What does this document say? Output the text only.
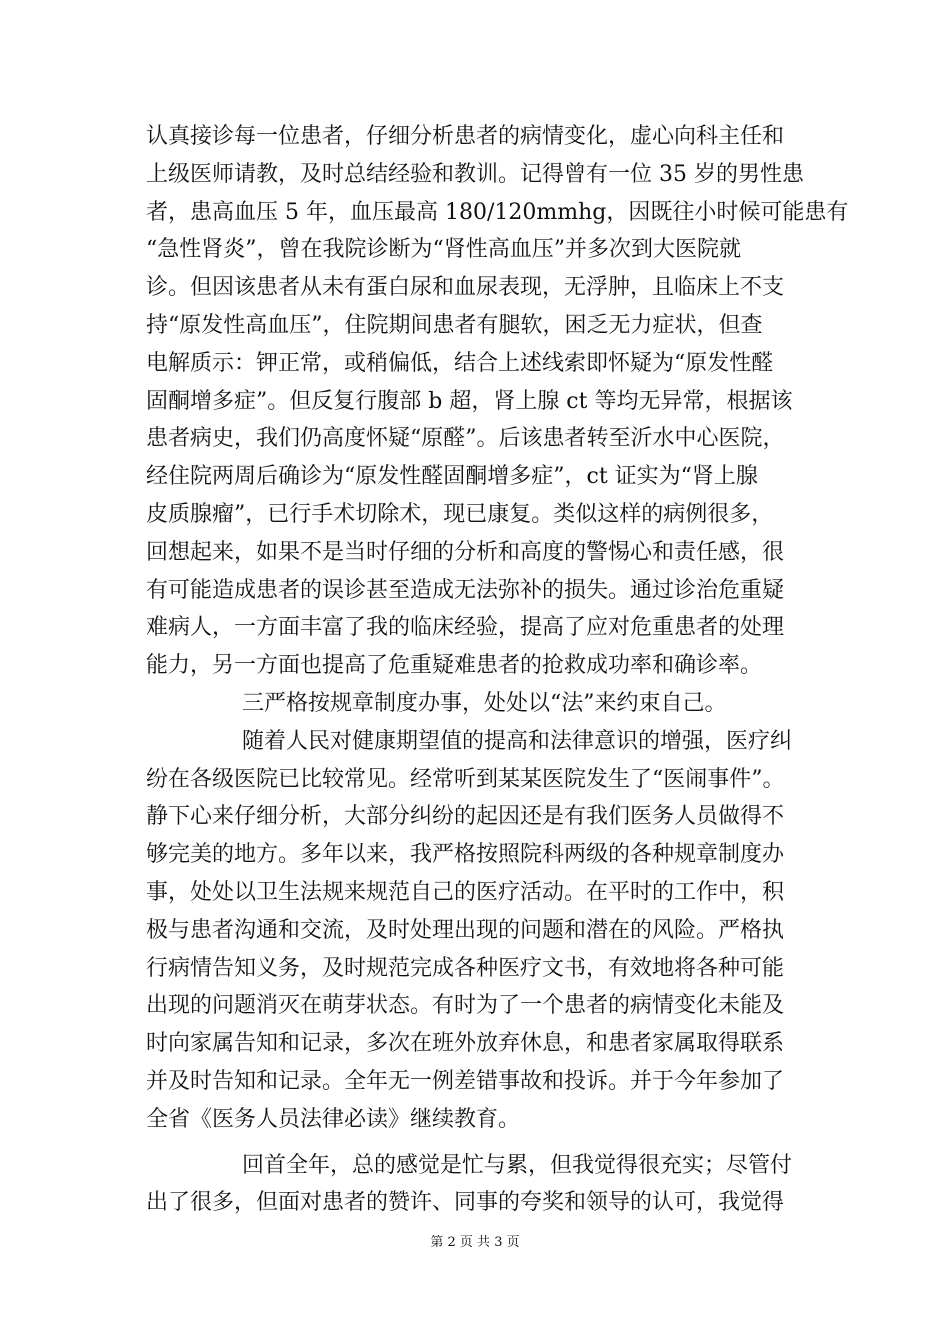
认真接诊每一位患者，仔细分析患者的病情变化，虚心向科主任和
上级医师请教，及时总结经验和教训。记得曾有一位 35 岁的男性患
者，患高血压 5 年，血压最高 180/120mmhg，因既往小时候可能患有
“急性肾炎”，曾在我院诊断为“肾性高血压”并多次到大医院就
诊。但因该患者从未有蛋白尿和血尿表现，无浮肿，且临床上不支
持“原发性高血压”，住院期间患者有腿软，困乏无力症状，但查
电解质示：钾正常，或稍偏低，结合上述线索即怀疑为“原发性醛
固酮增多症”。但反复行腹部 b 超，肾上腺 ct 等均无异常，根据该
患者病史，我们仍高度怀疑“原醛”。后该患者转至沂水中心医院，
经住院两周后确诊为“原发性醛固酮增多症”，ct 证实为“肾上腺
皮质腺瘤”，已行手术切除术，现已康复。类似这样的病例很多，
回想起来，如果不是当时仔细的分析和高度的警惕心和责任感，很
有可能造成患者的误诊甚至造成无法弥补的损失。通过诊治危重疑
难病人，一方面丰富了我的临床经验，提高了应对危重患者的处理
能力，另一方面也提高了危重疑难患者的抢救成功率和确诊率。
三严格按规章制度办事，处处以“法”来约束自己。
随着人民对健康期望值的提高和法律意识的增强，医疗纠
纷在各级医院已比较常见。经常听到某某医院发生了“医闹事件”。
静下心来仔细分析，大部分纠纷的起因还是有我们医务人员做得不
够完美的地方。多年以来，我严格按照院科两级的各种规章制度办
事，处处以卫生法规来规范自己的医疗活动。在平时的工作中，积
极与患者沟通和交流，及时处理出现的问题和潜在的风险。严格执
行病情告知义务，及时规范完成各种医疗文书，有效地将各种可能
出现的问题消灭在萌芽状态。有时为了一个患者的病情变化未能及
时向家属告知和记录，多次在班外放弃休息，和患者家属取得联系
并及时告知和记录。全年无一例差错事故和投诉。并于今年参加了
全省《医务人员法律必读》继续教育。
回首全年，总的感觉是忙与累，但我觉得很充实；尽管付
出了很多，但面对患者的赞许、同事的夸奖和领导的认可，我觉得
第 2 页 共 3 页
